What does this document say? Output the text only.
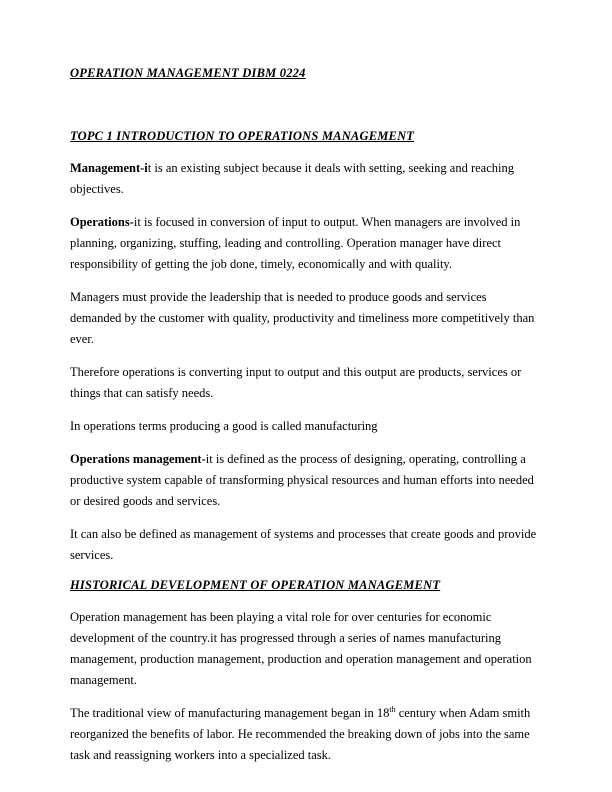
OPERATION MANAGEMENT DIBM 0224
TOPC 1 INTRODUCTION TO OPERATIONS MANAGEMENT

Management-it is an existing subject because it deals with setting, seeking and reaching objectives.

Operations-it is focused in conversion of input to output. When managers are involved in planning, organizing, stuffing, leading and controlling. Operation manager have direct responsibility of getting the job done, timely, economically and with quality.

Managers must provide the leadership that is needed to produce goods and services demanded by the customer with quality, productivity and timeliness more competitively than ever.

Therefore operations is converting input to output and this output are products, services or things that can satisfy needs.

In operations terms producing a good is called manufacturing

Operations management-it is defined as the process of designing, operating, controlling a productive system capable of transforming physical resources and human efforts into needed or desired goods and services.

It can also be defined as management of systems and processes that create goods and provide services.

HISTORICAL DEVELOPMENT OF OPERATION MANAGEMENT

Operation management has been playing a vital role for over centuries for economic development of the country.it has progressed through a series of names manufacturing management, production management, production and operation management and operation management.

The traditional view of manufacturing management began in 18th century when Adam smith reorganized the benefits of labor. He recommended the breaking down of jobs into the same task and reassigning workers into a specialized task.
